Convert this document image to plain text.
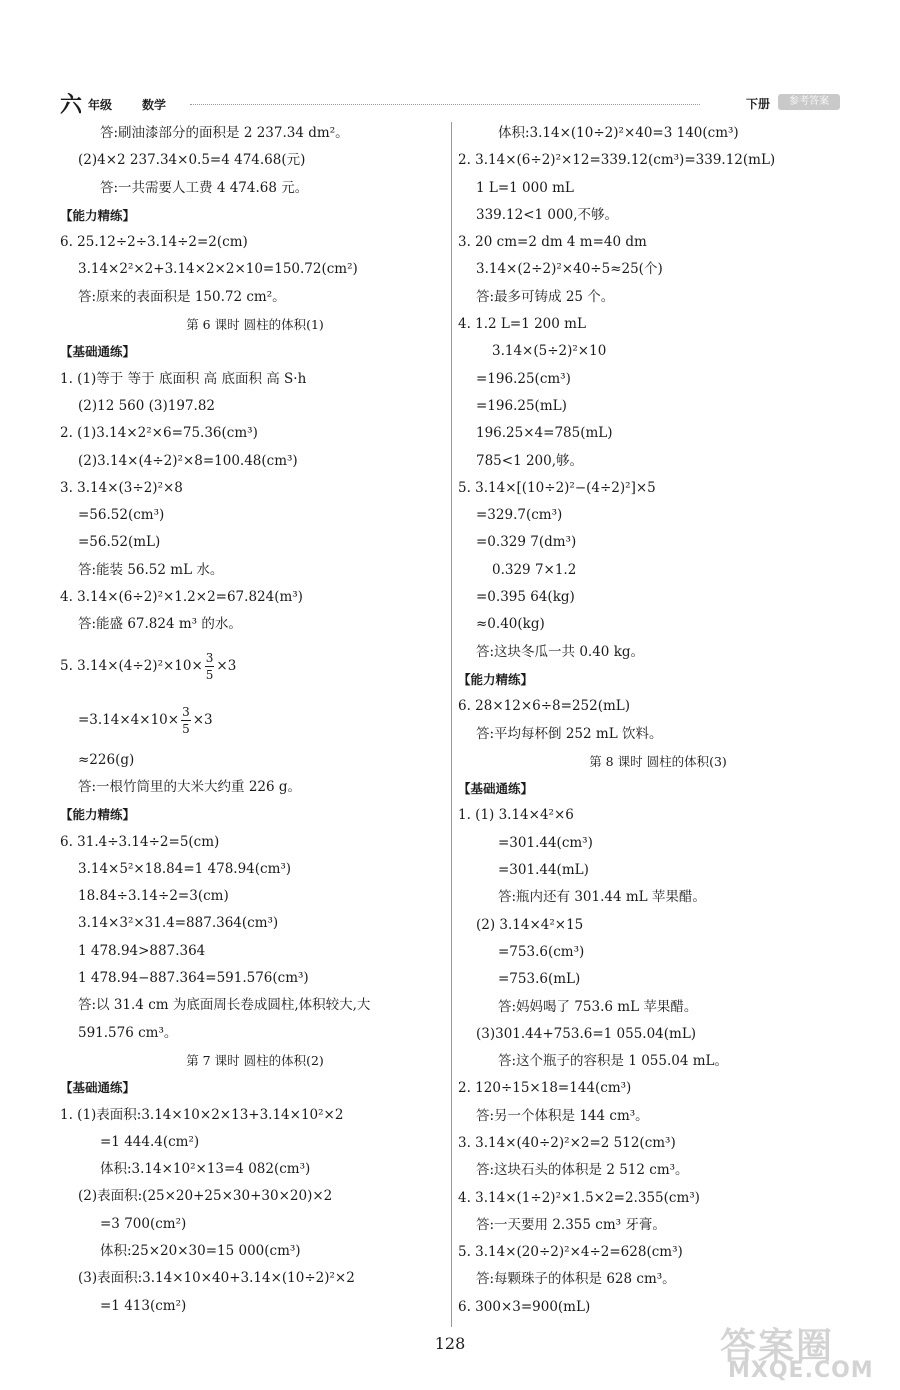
六 年级 数学	下册	参考答案
答:刷油漆部分的面积是 2 237.34 dm²。
(2)4×2 237.34×0.5=4 474.68(元)
答:一共需要人工费 4 474.68 元。
【能力精练】
6. 25.12÷2÷3.14÷2=2(cm)
3.14×2²×2+3.14×2×2×10=150.72(cm²)
答:原来的表面积是 150.72 cm²。
第 6 课时 圆柱的体积(1)
【基础通练】
1. (1)等于 等于 底面积 高 底面积 高 S·h
(2)12 560 (3)197.82
2. (1)3.14×2²×6=75.36(cm³)
(2)3.14×(4÷2)²×8=100.48(cm³)
3. 3.14×(3÷2)²×8
=56.52(cm³)
=56.52(mL)
答:能装 56.52 mL 水。
4. 3.14×(6÷2)²×1.2×2=67.824(m³)
答:能盛 67.824 m³ 的水。
5. $3.14\times(4\div 2)^2\times 10\times \frac{3}{5} \times 3$
$=3.14\times 4\times 10\times \frac{3}{5} \times 3$
≈226(g)
答:一根竹筒里的大米大约重 226 g。
【能力精练】
6. 31.4÷3.14÷2=5(cm)
3.14×5²×18.84=1 478.94(cm³)
18.84÷3.14÷2=3(cm)
3.14×3²×31.4=887.364(cm³)
1 478.94>887.364
1 478.94−887.364=591.576(cm³)
答:以 31.4 cm 为底面周长卷成圆柱,体积较大,大
591.576 cm³。
第 7 课时 圆柱的体积(2)
【基础通练】
1. (1)表面积:3.14×10×2×13+3.14×10²×2
=1 444.4(cm²)
体积:3.14×10²×13=4 082(cm³)
(2)表面积:(25×20+25×30+30×20)×2
=3 700(cm²)
体积:25×20×30=15 000(cm³)
(3)表面积:3.14×10×40+3.14×(10÷2)²×2
=1 413(cm²)
体积:3.14×(10÷2)²×40=3 140(cm³)
2. 3.14×(6÷2)²×12=339.12(cm³)=339.12(mL)
1 L=1 000 mL
339.12<1 000,不够。
3. 20 cm=2 dm 4 m=40 dm
3.14×(2÷2)²×40÷5≈25(个)
答:最多可铸成 25 个。
4. 1.2 L=1 200 mL
3.14×(5÷2)²×10
=196.25(cm³)
=196.25(mL)
196.25×4=785(mL)
785<1 200,够。
5. 3.14×[(10÷2)²−(4÷2)²]×5
=329.7(cm³)
=0.329 7(dm³)
0.329 7×1.2
=0.395 64(kg)
≈0.40(kg)
答:这块冬瓜一共 0.40 kg。
【能力精练】
6. 28×12×6÷8=252(mL)
答:平均每杯倒 252 mL 饮料。
第 8 课时 圆柱的体积(3)
【基础通练】
1. (1) 3.14×4²×6
=301.44(cm³)
=301.44(mL)
答:瓶内还有 301.44 mL 苹果醋。
(2) 3.14×4²×15
=753.6(cm³)
=753.6(mL)
答:妈妈喝了 753.6 mL 苹果醋。
(3)301.44+753.6=1 055.04(mL)
答:这个瓶子的容积是 1 055.04 mL。
2. 120÷15×18=144(cm³)
答:另一个体积是 144 cm³。
3. 3.14×(40÷2)²×2=2 512(cm³)
答:这块石头的体积是 2 512 cm³。
4. 3.14×(1÷2)²×1.5×2=2.355(cm³)
答:一天要用 2.355 cm³ 牙膏。
5. 3.14×(20÷2)²×4÷2=628(cm³)
答:每颗珠子的体积是 628 cm³。
6. 300×3=900(mL)
128	答案圈
MXQE.COM
